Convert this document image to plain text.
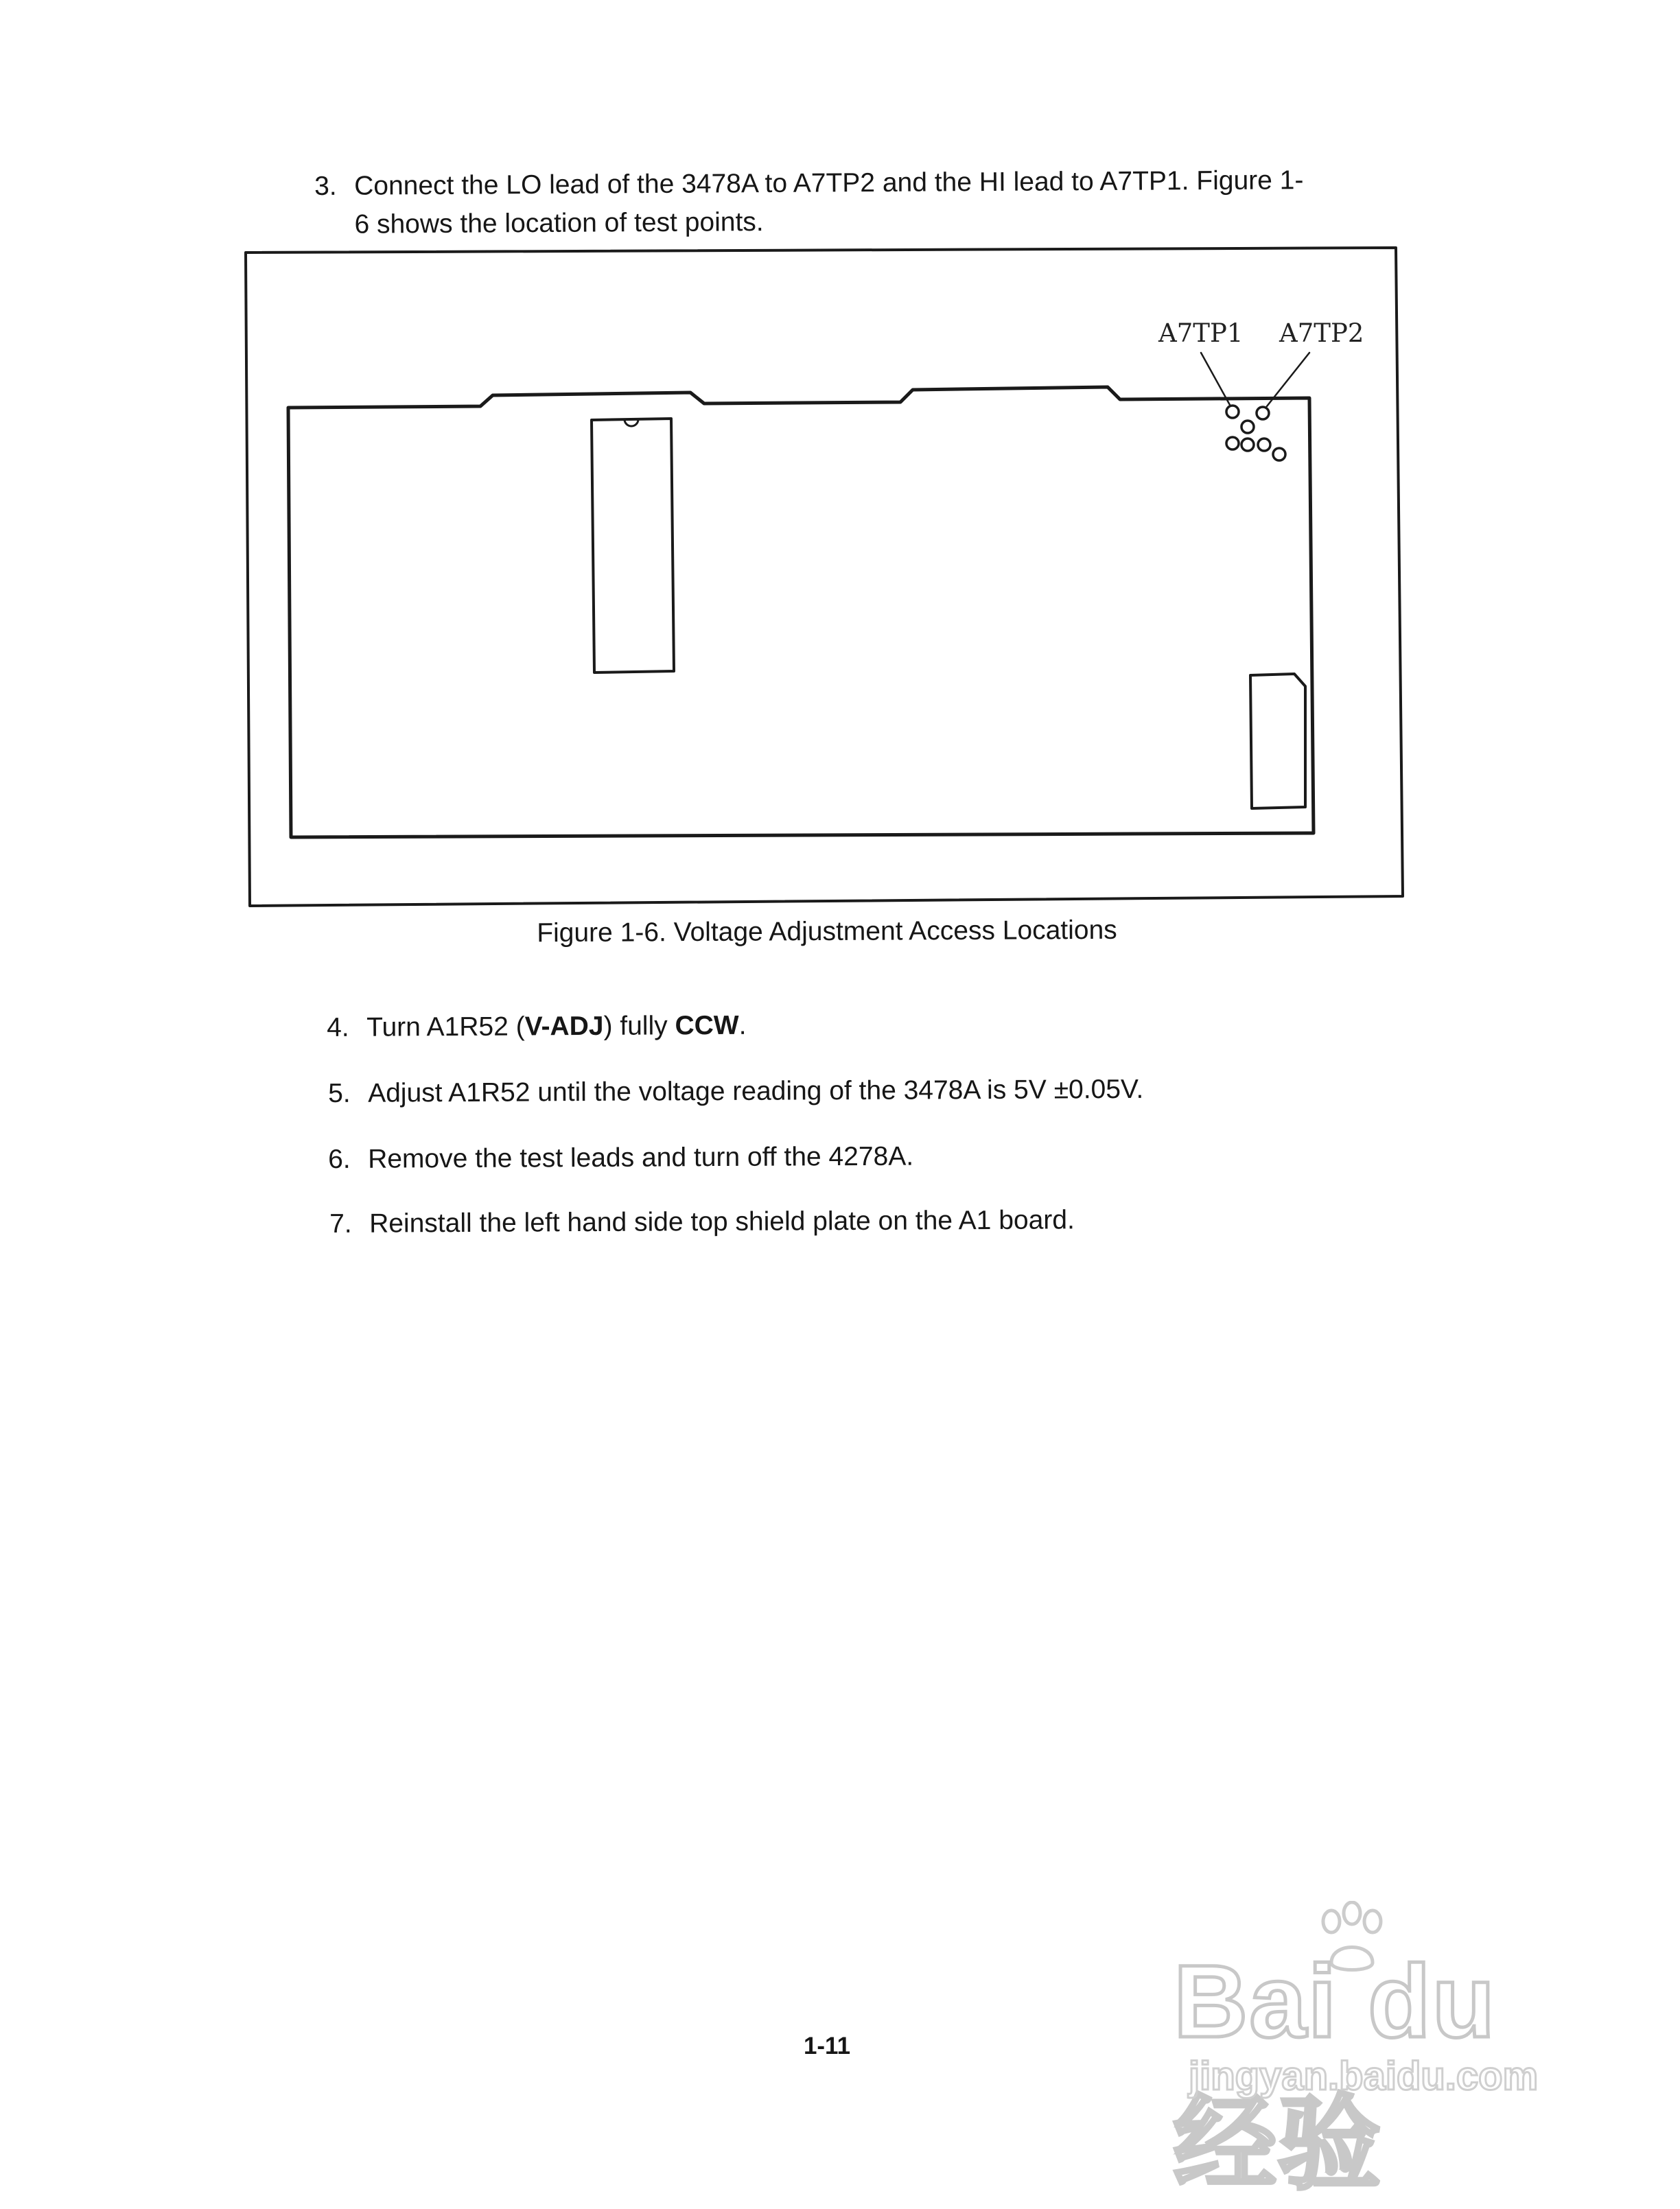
3. Connect the LO lead of the 3478A to A7TP2 and the HI lead to A7TP1. Figure 1-
6 shows the location of test points.
A7TP1 A7TP2
Figure 1-6. Voltage Adjustment Access Locations
4. Turn A1R52 (V-ADJ) fully CCW.
5. Adjust A1R52 until the voltage reading of the 3478A is 5V ±0.05V.
6. Remove the test leads and turn off the 4278A.
7. Reinstall the left hand side top shield plate on the A1 board.
1-11	Bai du 经验
jingyan.baidu.com
